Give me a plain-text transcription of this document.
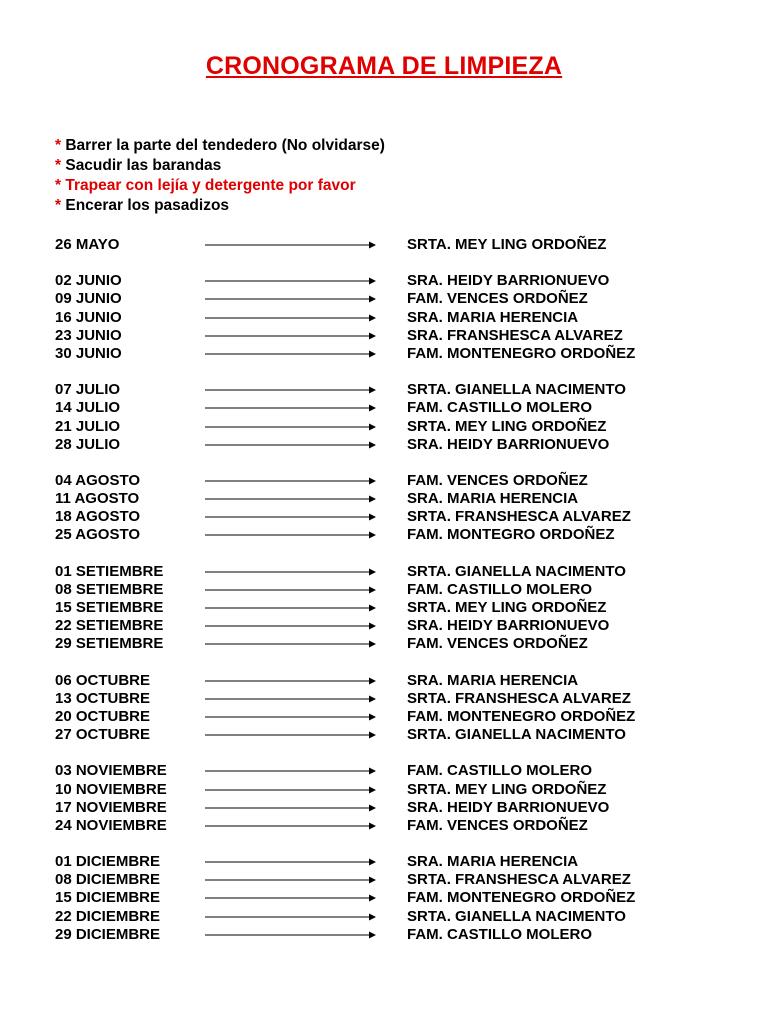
CRONOGRAMA DE LIMPIEZA
* Barrer la parte del tendedero (No olvidarse)
* Sacudir las barandas
* Trapear con lejía y detergente por favor
* Encerar los pasadizos
26 MAYO	SRTA. MEY LING ORDOÑEZ
02 JUNIO	SRA. HEIDY BARRIONUEVO
09 JUNIO	FAM. VENCES ORDOÑEZ
16 JUNIO	SRA. MARIA HERENCIA
23 JUNIO	SRA. FRANSHESCA ALVAREZ
30 JUNIO	FAM. MONTENEGRO ORDOÑEZ
07 JULIO	SRTA. GIANELLA NACIMENTO
14 JULIO	FAM. CASTILLO MOLERO
21 JULIO	SRTA. MEY LING ORDOÑEZ
28 JULIO	SRA. HEIDY BARRIONUEVO
04 AGOSTO	FAM. VENCES ORDOÑEZ
11 AGOSTO	SRA. MARIA HERENCIA
18 AGOSTO	SRTA. FRANSHESCA ALVAREZ
25 AGOSTO	FAM. MONTEGRO ORDOÑEZ
01 SETIEMBRE	SRTA. GIANELLA NACIMENTO
08 SETIEMBRE	FAM. CASTILLO MOLERO
15 SETIEMBRE	SRTA. MEY LING ORDOÑEZ
22 SETIEMBRE	SRA. HEIDY BARRIONUEVO
29 SETIEMBRE	FAM. VENCES ORDOÑEZ
06 OCTUBRE	SRA. MARIA HERENCIA
13 OCTUBRE	SRTA. FRANSHESCA ALVAREZ
20 OCTUBRE	FAM. MONTENEGRO ORDOÑEZ
27 OCTUBRE	SRTA. GIANELLA NACIMENTO
03 NOVIEMBRE	FAM. CASTILLO MOLERO
10 NOVIEMBRE	SRTA. MEY LING ORDOÑEZ
17 NOVIEMBRE	SRA. HEIDY BARRIONUEVO
24 NOVIEMBRE	FAM. VENCES ORDOÑEZ
01 DICIEMBRE	SRA. MARIA HERENCIA
08 DICIEMBRE	SRTA. FRANSHESCA ALVAREZ
15 DICIEMBRE	FAM. MONTENEGRO ORDOÑEZ
22 DICIEMBRE	SRTA. GIANELLA NACIMENTO
29 DICIEMBRE	FAM. CASTILLO MOLERO
